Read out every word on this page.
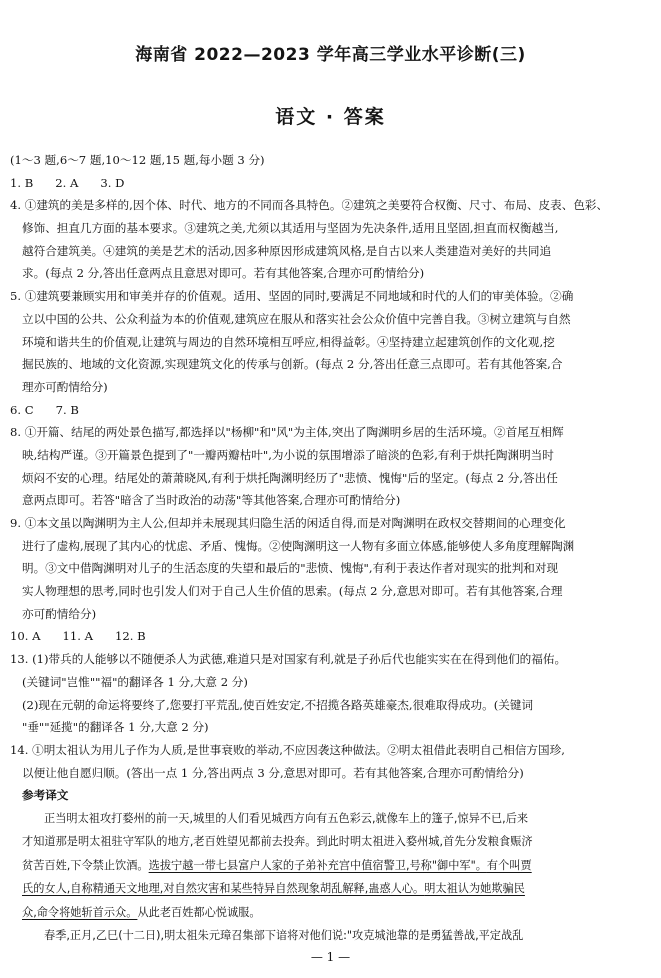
海南省 2022—2023 学年高三学业水平诊断(三)
语文 · 答案
(1～3 题,6～7 题,10～12 题,15 题,每小题 3 分)
1. B 2. A 3. D
4. ①建筑的美是多样的,因个体、时代、地方的不同而各具特色。②建筑之美要符合权衡、尺寸、布局、皮表、色彩、
修饰、担直几方面的基本要求。③建筑之美,尤须以其适用与坚固为先决条件,适用且坚固,担直而权衡越当,
越符合建筑美。④建筑的美是艺术的活动,因多种原因形成建筑风格,是自古以来人类建造对美好的共同追
求。(每点 2 分,答出任意两点且意思对即可。若有其他答案,合理亦可酌情给分)
5. ①建筑要兼顾实用和审美并存的价值观。适用、坚固的同时,要满足不同地域和时代的人们的审美体验。②确
立以中国的公共、公众利益为本的价值观,建筑应在服从和落实社会公众价值中完善自我。③树立建筑与自然
环境和谐共生的价值观,让建筑与周边的自然环境相互呼应,相得益彰。④坚持建立起建筑创作的文化观,挖
掘民族的、地域的文化资源,实现建筑文化的传承与创新。(每点 2 分,答出任意三点即可。若有其他答案,合
理亦可酌情给分)
6. C 7. B
8. ①开篇、结尾的两处景色描写,都选择以"杨柳"和"风"为主体,突出了陶渊明乡居的生活环境。②首尾互相辉
映,结构严谨。③开篇景色提到了"一瓣两瓣枯叶",为小说的氛围增添了暗淡的色彩,有利于烘托陶渊明当时
烦闷不安的心理。结尾处的萧萧晓风,有利于烘托陶渊明经历了"悲愤、愧悔"后的坚定。(每点 2 分,答出任
意两点即可。若答"暗含了当时政治的动荡"等其他答案,合理亦可酌情给分)
9. ①本文虽以陶渊明为主人公,但却并未展现其归隐生活的闲适自得,而是对陶渊明在政权交替期间的心理变化
进行了虚构,展现了其内心的忧虑、矛盾、愧悔。②使陶渊明这一人物有多面立体感,能够使人多角度理解陶渊
明。③文中借陶渊明对儿子的生活态度的失望和最后的"悲愤、愧悔",有利于表达作者对现实的批判和对现
实人物理想的思考,同时也引发人们对于自己人生价值的思索。(每点 2 分,意思对即可。若有其他答案,合理
亦可酌情给分)
10. A 11. A 12. B
13. (1)带兵的人能够以不随便杀人为武德,难道只是对国家有利,就是子孙后代也能实实在在得到他们的福佑。
(关键词"岂惟""福"的翻译各 1 分,大意 2 分)
(2)现在元朝的命运将要终了,您要打平荒乱,使百姓安定,不招揽各路英雄豪杰,很难取得成功。(关键词
"垂""延揽"的翻译各 1 分,大意 2 分)
14. ①明太祖认为用儿子作为人质,是世事衰败的举动,不应因袭这种做法。②明太祖借此表明自己相信方国珍,
以便让他自愿归顺。(答出一点 1 分,答出两点 3 分,意思对即可。若有其他答案,合理亦可酌情给分)
参考译文
正当明太祖攻打婺州的前一天,城里的人们看见城西方向有五色彩云,就像车上的篷子,惊异不已,后来
才知道那是明太祖驻守军队的地方,老百姓望见都前去投奔。到此时明太祖进入婺州城,首先分发粮食赈济
贫苦百姓,下令禁止饮酒。选拔宁越一带七县富户人家的子弟补充宫中值宿警卫,号称"御中军"。有个叫贾
氏的女人,自称精通天文地理,对自然灾害和某些特异自然现象胡乱解释,蛊惑人心。明太祖认为她欺骗民
众,命令将她斩首示众。从此老百姓都心悦诚服。
春季,正月,乙巳(十二日),明太祖朱元璋召集部下谙将对他们说:"攻克城池靠的是勇猛善战,平定战乱
— 1 —
